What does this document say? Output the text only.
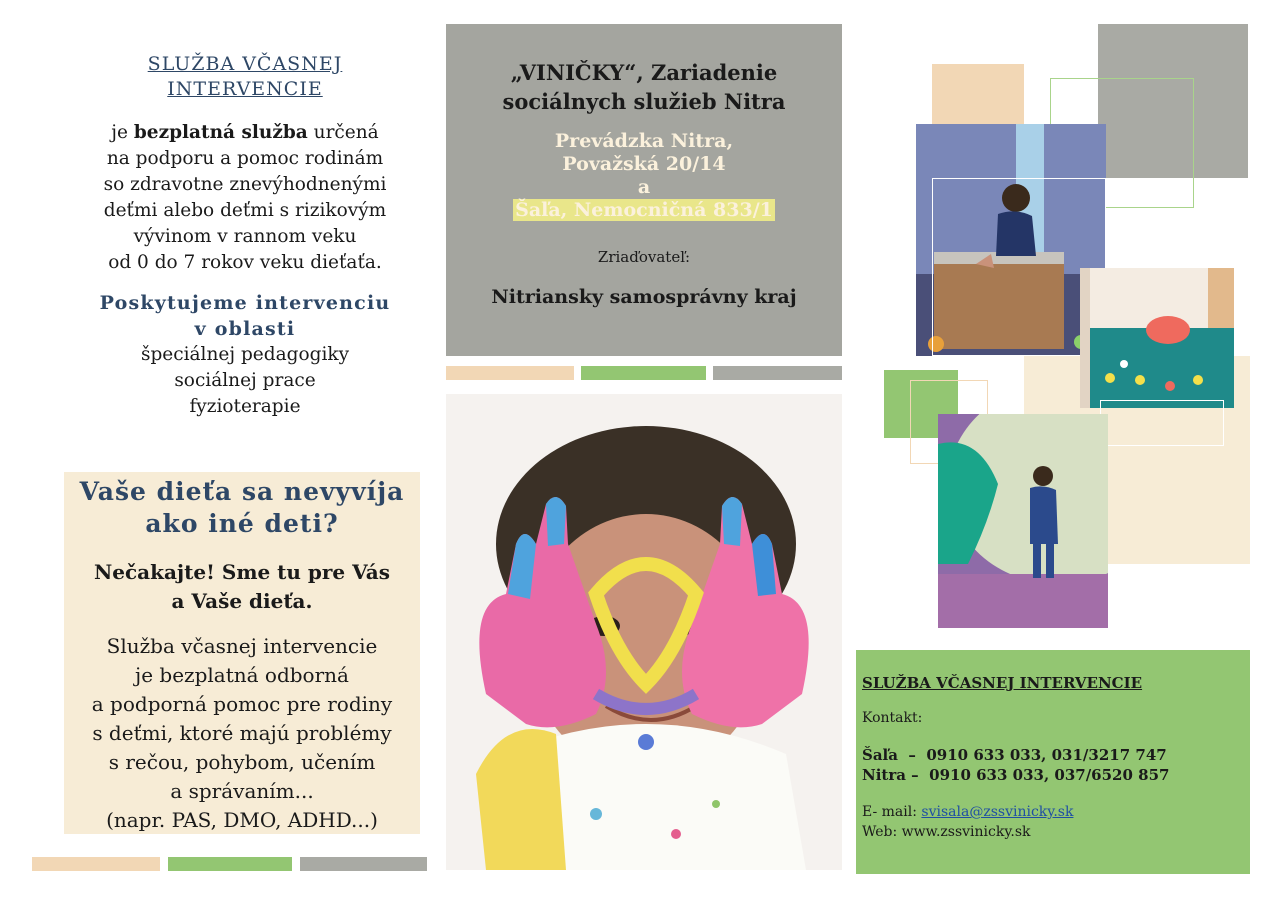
SLUŽBA VČASNEJ
INTERVENCIE
je bezplatná služba určená
na podporu a pomoc rodinám
so zdravotne znevýhodnenými
deťmi alebo deťmi s rizikovým
vývinom v rannom veku
od 0 do 7 rokov veku dieťaťa.
Poskytujeme intervenciu
v oblasti
špeciálnej pedagogiky
sociálnej prace
fyzioterapie
Vaše dieťa sa nevyvíja
ako iné deti?
Nečakajte! Sme tu pre Vás
a Vaše dieťa.
Služba včasnej intervencie
je bezplatná odborná
a podporná pomoc pre rodiny
s deťmi, ktoré majú problémy
s rečou, pohybom, učením
a správaním...
(napr. PAS, DMO, ADHD...)
„VINIČKY“, Zariadenie
sociálnych služieb Nitra
Prevádzka Nitra,
Považská 20/14
a
Šaľa, Nemocničná 833/1
Zriaďovateľ:
Nitriansky samosprávny kraj
SLUŽBA VČASNEJ INTERVENCIE
Kontakt:
Šaľa  –  0910 633 033, 031/3217 747
Nitra –  0910 633 033, 037/6520 857
E- mail: svisala@zssvinicky.sk
Web: www.zssvinicky.sk
